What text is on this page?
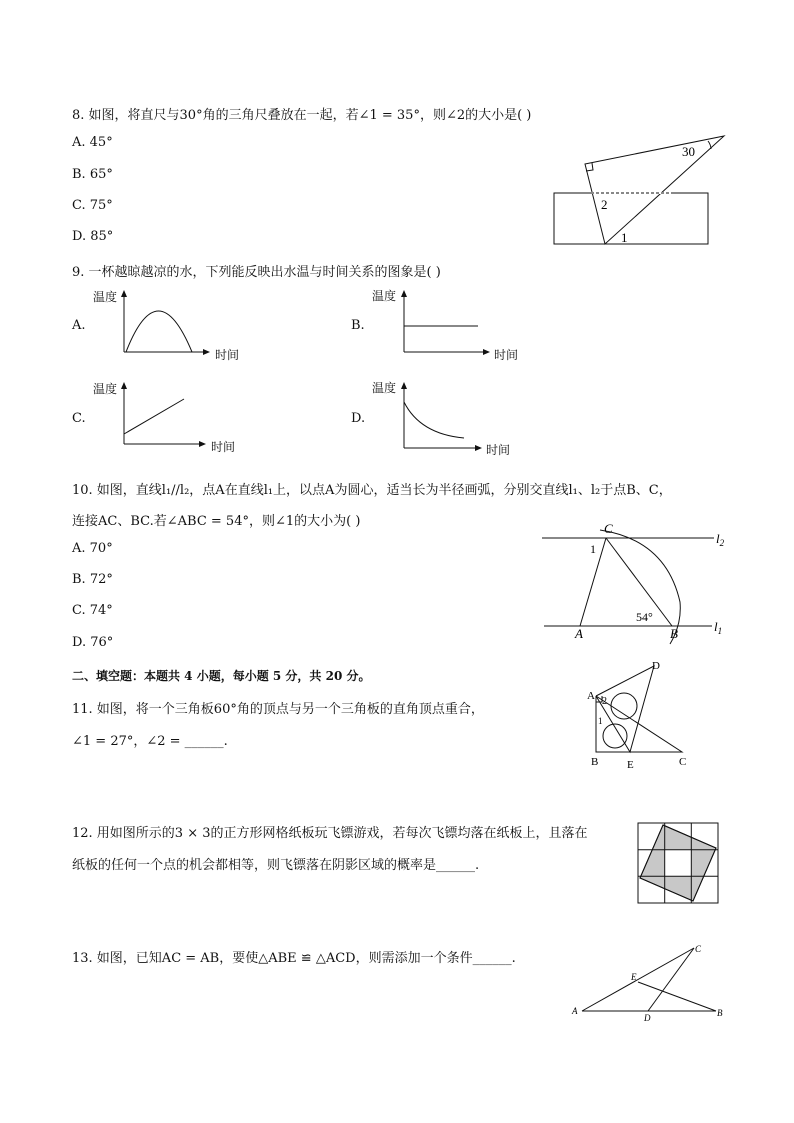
8. 如图，将直尺与30°角的三角尺叠放在一起，若∠1 = 35°，则∠2的大小是( )
A. 45°
B. 65°
C. 75°
D. 85°
30
2
1
9. 一杯越晾越凉的水，下列能反映出水温与时间关系的图象是( )
A.
温度
时间
B.
温度
时间
C.
温度
时间
D.
温度
时间
10. 如图，直线l₁//l₂，点A在直线l₁上，以点A为圆心，适当长为半径画弧，分别交直线l₁、l₂于点B、C，
连接AC、BC.若∠ABC = 54°，则∠1的大小为( )
A. 70°
B. 72°
C. 74°
D. 76°
C
1
54°
A	B
$l_2$
$l_1$
二、填空题：本题共 4 小题，每小题 5 分，共 20 分。
11. 如图，将一个三角板60°角的顶点与另一个三角板的直角顶点重合，
∠1 = 27°，∠2 = ______.
A
D
B	E	C
2
1
12. 用如图所示的3 × 3的正方形网格纸板玩飞镖游戏，若每次飞镖均落在纸板上，且落在
纸板的任何一个点的机会都相等，则飞镖落在阴影区域的概率是______.
13. 如图，已知AC = AB，要使△ABE ≌ △ACD，则需添加一个条件______.
A	B
C
D
E
